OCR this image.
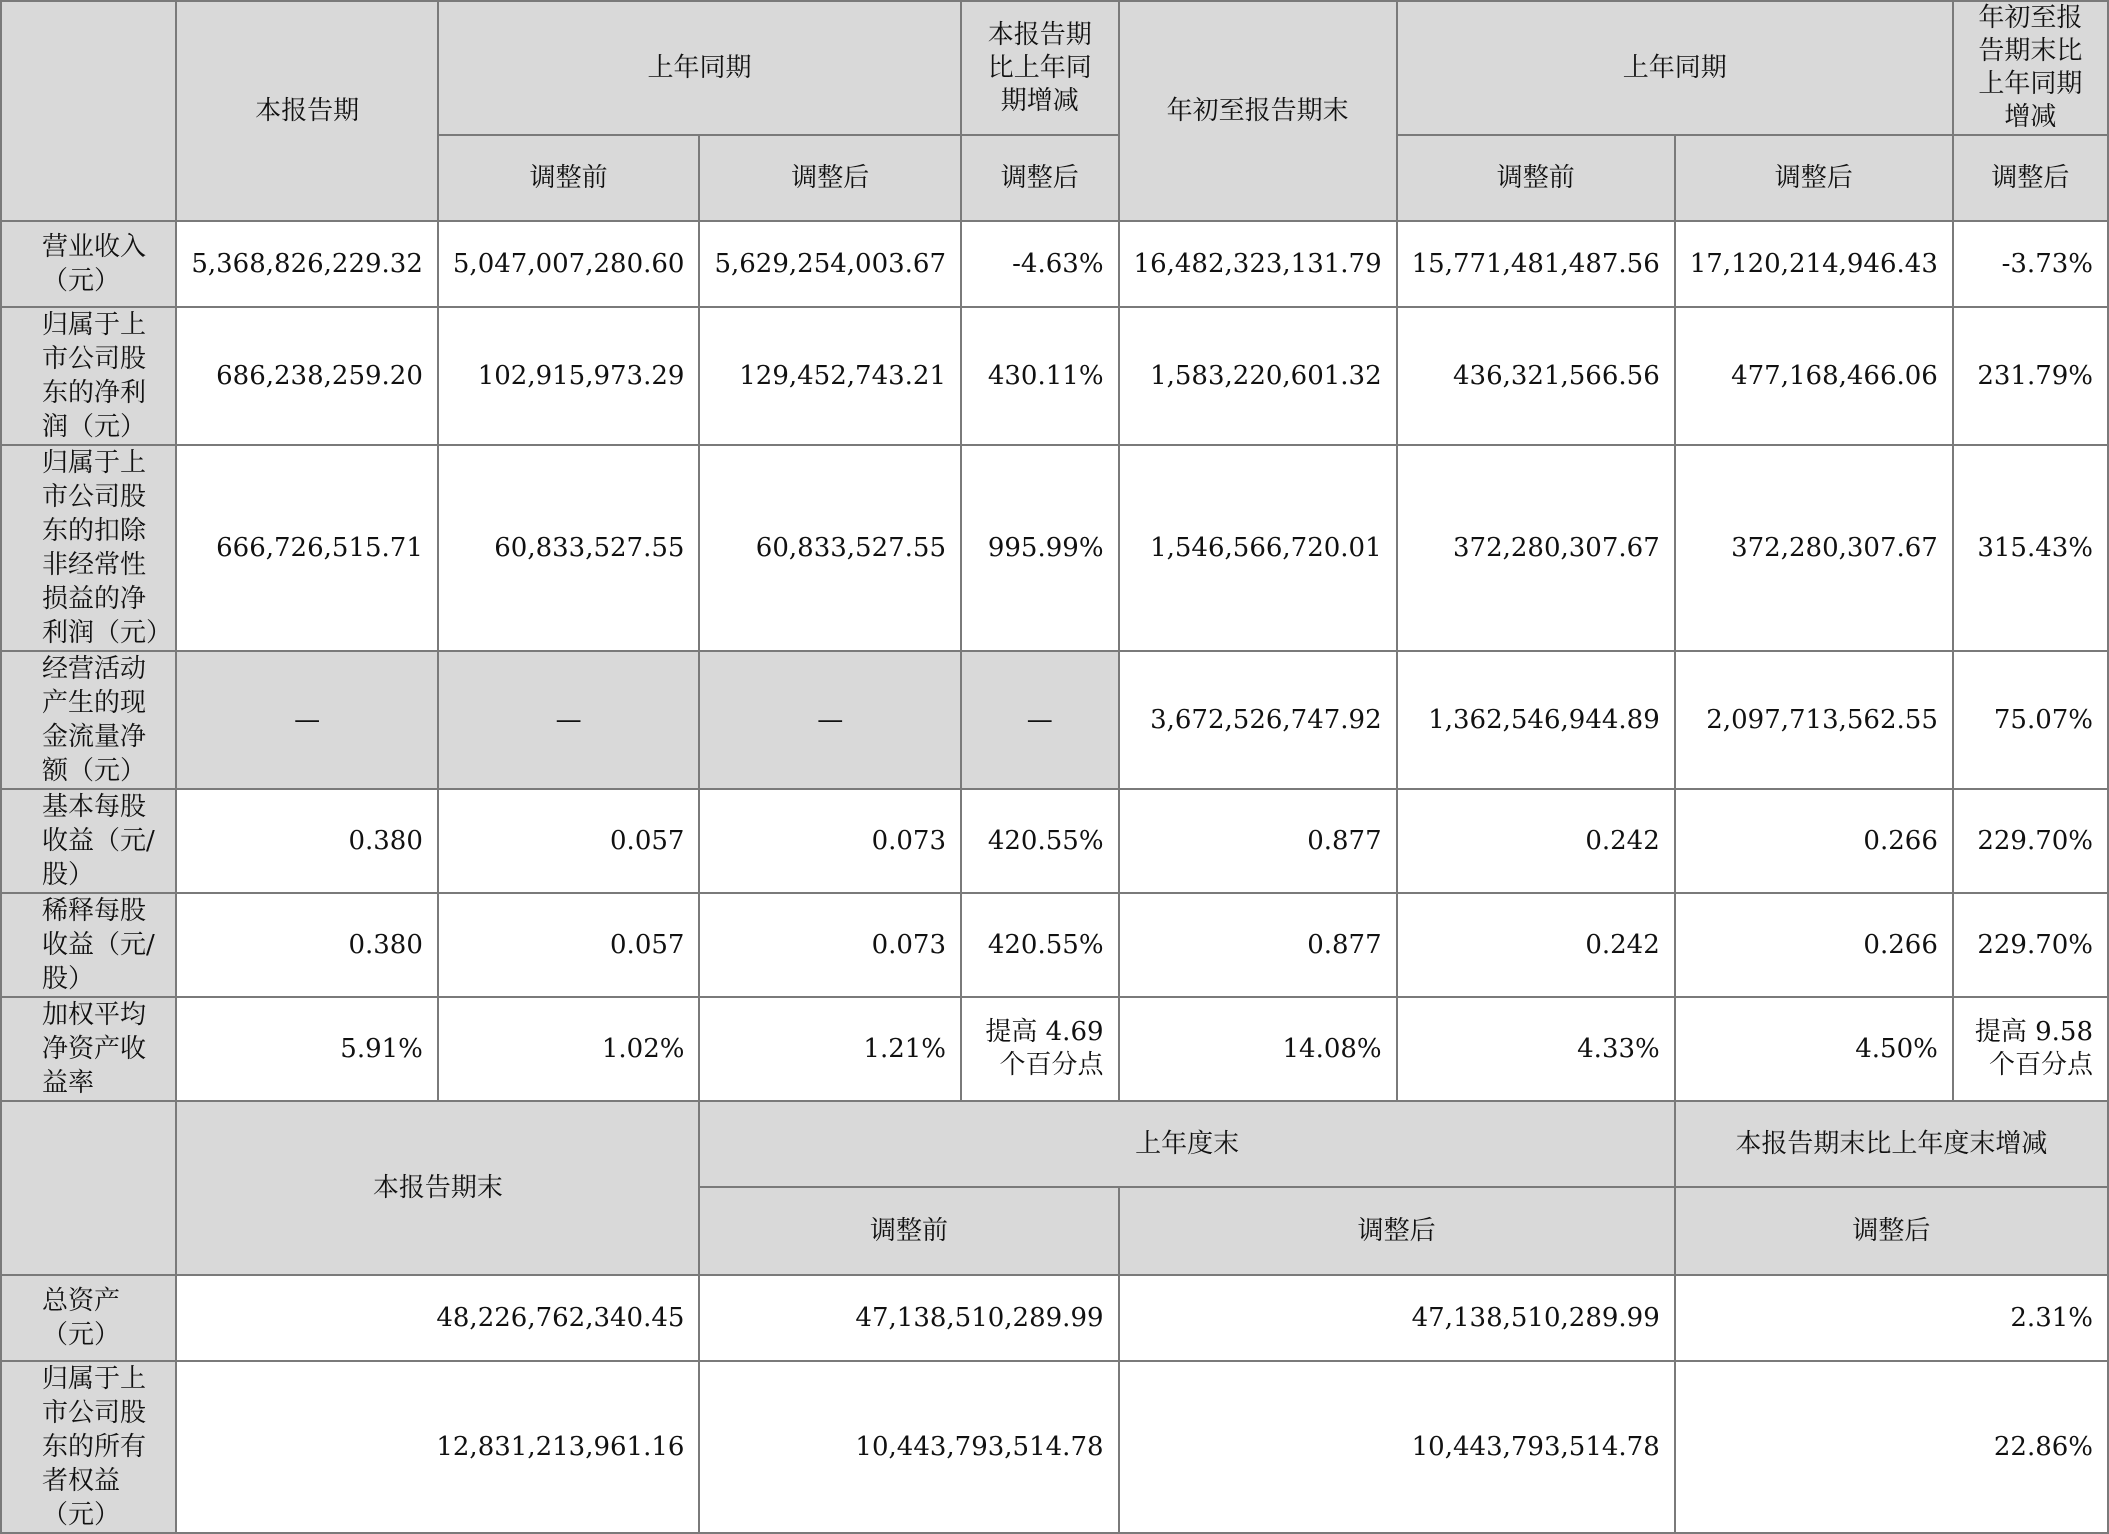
	本报告期	上年同期		本报告期比上年同期增减	年初至报告期末	上年同期		年初至报告期末比上年同期增减
		调整前	调整后	调整后		调整前	调整后	调整后
营业收入（元）	5,368,826,229.32	5,047,007,280.60	5,629,254,003.67	-4.63%	16,482,323,131.79	15,771,481,487.56	17,120,214,946.43	-3.73%
归属于上市公司股东的净利润（元）	686,238,259.20	102,915,973.29	129,452,743.21	430.11%	1,583,220,601.32	436,321,566.56	477,168,466.06	231.79%
归属于上市公司股东的扣除非经常性损益的净利润（元）	666,726,515.71	60,833,527.55	60,833,527.55	995.99%	1,546,566,720.01	372,280,307.67	372,280,307.67	315.43%
经营活动产生的现金流量净额（元）	—	—	—	—	3,672,526,747.92	1,362,546,944.89	2,097,713,562.55	75.07%
基本每股收益（元/股）	0.380	0.057	0.073	420.55%	0.877	0.242	0.266	229.70%
稀释每股收益（元/股）	0.380	0.057	0.073	420.55%	0.877	0.242	0.266	229.70%
加权平均净资产收益率	5.91%	1.02%	1.21%	提高 4.69 个百分点	14.08%	4.33%	4.50%	提高 9.58 个百分点
	本报告期末		上年度末				本报告期末比上年度末增减	
			调整前		调整后		调整后	
总资产（元）	48,226,762,340.45		47,138,510,289.99		47,138,510,289.99		2.31%	
归属于上市公司股东的所有者权益（元）	12,831,213,961.16		10,443,793,514.78		10,443,793,514.78		22.86%	
